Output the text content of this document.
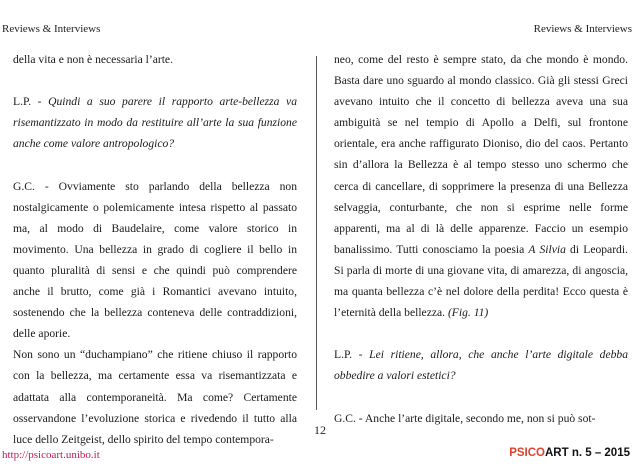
Reviews & Interviews	Reviews & Interviews

della vita e non è necessaria l’arte.

L.P. - Quindi a suo parere il rapporto arte-bellezza va risemantizzato in modo da restituire all’arte la sua funzione anche come valore antropologico?

G.C. - Ovviamente sto parlando della bellezza non nostalgicamente o polemicamente intesa rispetto al passato ma, al modo di Baudelaire, come valore storico in movimento. Una bellezza in grado di cogliere il bello in quanto pluralità di sensi e che quindi può comprendere anche il brutto, come già i Romantici avevano intuito, sostenendo che la bellezza conteneva delle contraddizioni, delle aporie.

Non sono un “duchampiano” che ritiene chiuso il rapporto con la bellezza, ma certamente essa va risemantizzata e adattata alla contemporaneità. Ma come? Certamente osservandone l’evoluzione storica e rivedendo il tutto alla luce dello Zeitgeist, dello spirito del tempo contempora-

neo, come del resto è sempre stato, da che mondo è mondo. Basta dare uno sguardo al mondo classico. Già gli stessi Greci avevano intuito che il concetto di bellezza aveva una sua ambiguità se nel tempio di Apollo a Delfi, sul frontone orientale, era anche raffigurato Dioniso, dio del caos. Pertanto sin d’allora la Bellezza è al tempo stesso uno schermo che cerca di cancellare, di sopprimere la presenza di una Bellezza selvaggia, conturbante, che non si esprime nelle forme apparenti, ma al di là delle apparenze. Faccio un esempio banalissimo. Tutti conosciamo la poesia A Silvia di Leopardi. Si parla di morte di una giovane vita, di amarezza, di angoscia, ma quanta bellezza c’è nel dolore della perdita! Ecco questa è l’eternità della bellezza. (Fig. 11)

L.P. - Lei ritiene, allora, che anche l’arte digitale debba obbedire a valori estetici?

G.C. - Anche l’arte digitale, secondo me, non si può sot-

12
http://psicoart.unibo.it	PSICOART n. 5 – 2015
